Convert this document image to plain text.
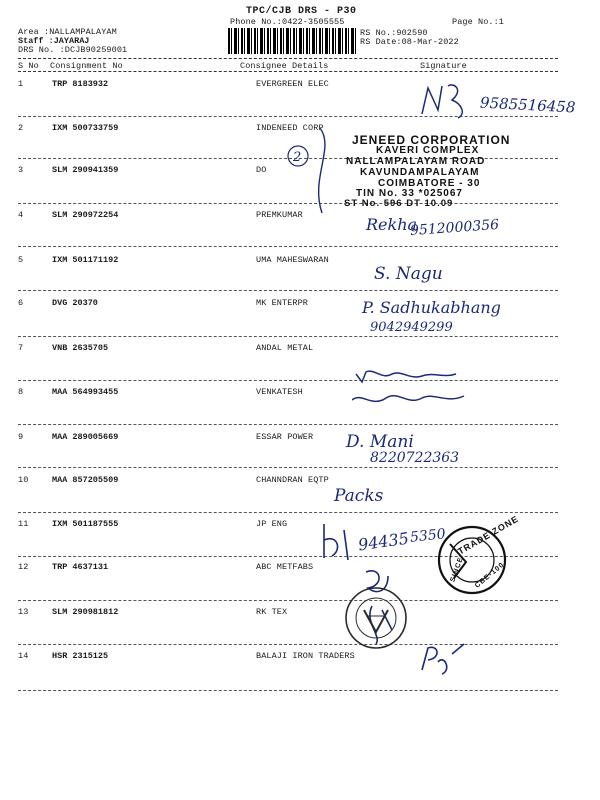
TPC/CJB DRS - P30
Phone No.:0422-3505555	Page No.:1
Area :NALLAMPALAYAM
Staff :JAYARAJ
DRS No. :DCJB90259001
RS No.:902590
RS Date:08-Mar-2022
S No Consignment No	Consignee Details	Signature
1	TRP 8183932	EVERGREEN ELEC
2	IXM 500733759	INDENEED CORP
3	SLM 290941359	DO
4	SLM 290972254	PREMKUMAR
5	IXM 501171192	UMA MAHESWARAN
6	DVG 20370	MK ENTERPR
7	VNB 2635705	ANDAL METAL
8	MAA 564993455	VENKATESH
9	MAA 289005669	ESSAR POWER
10	MAA 857205509	CHANNDRAN EQTP
11	IXM 501187555	JP ENG
12	TRP 4637131	ABC METFABS
13	SLM 290981812	RK TEX
14	HSR 2315125	BALAJI IRON TRADERS
JENEED CORPORATION
KAVERI COMPLEX
NALLAMPALAYAM ROAD
KAVUNDAMPALAYAM
COIMBATORE - 30
TIN No. 33 *025067
ST No. 596 DT 10.09
2
9585516458
Rekha
9512000356
S. Nagu
P. Sadhukabhang
9042949299
D. Mani
8220722363
Packs
94435 5350 TRADE ZONE
SINCE CBE-100
